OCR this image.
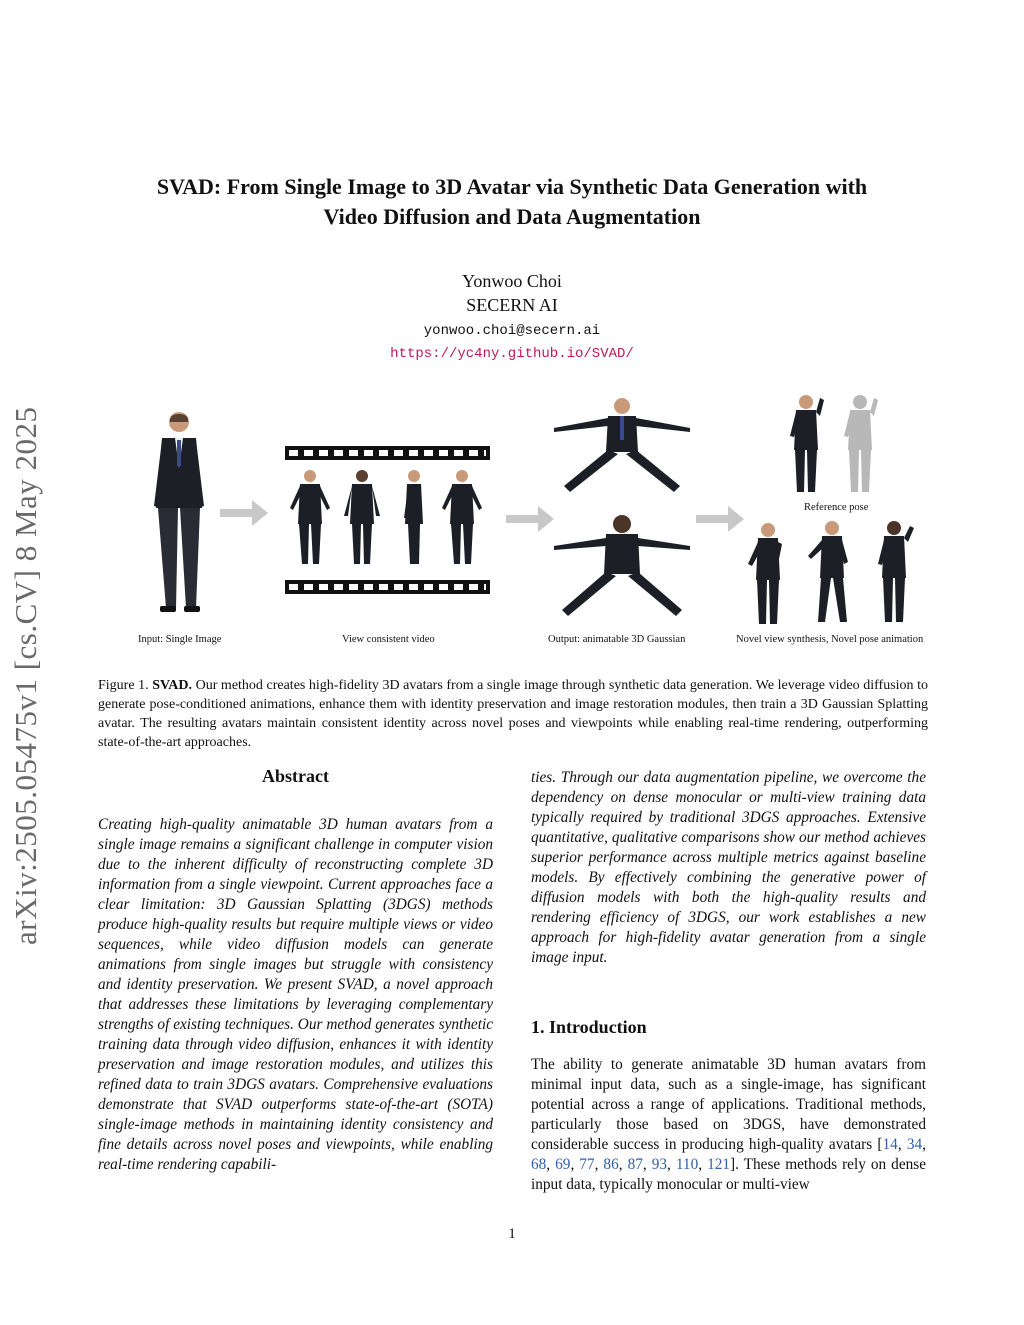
arXiv:2505.05475v1 [cs.CV] 8 May 2025
SVAD: From Single Image to 3D Avatar via Synthetic Data Generation with
Video Diffusion and Data Augmentation
Yonwoo Choi
SECERN AI
yonwoo.choi@secern.ai
https://yc4ny.github.io/SVAD/
Reference pose
Input: Single Image	View consistent video	Output: animatable 3D Gaussian	Novel view synthesis, Novel pose animation
Figure 1. SVAD. Our method creates high-fidelity 3D avatars from a single image through synthetic data generation. We leverage video diffusion to generate pose-conditioned animations, enhance them with identity preservation and image restoration modules, then train a 3D Gaussian Splatting avatar. The resulting avatars maintain consistent identity across novel poses and viewpoints while enabling real-time rendering, outperforming state-of-the-art approaches.
Abstract
Creating high-quality animatable 3D human avatars from a single image remains a significant challenge in computer vision due to the inherent difficulty of reconstructing complete 3D information from a single viewpoint. Current approaches face a clear limitation: 3D Gaussian Splatting (3DGS) methods produce high-quality results but require multiple views or video sequences, while video diffusion models can generate animations from single images but struggle with consistency and identity preservation. We present SVAD, a novel approach that addresses these limitations by leveraging complementary strengths of existing techniques. Our method generates synthetic training data through video diffusion, enhances it with identity preservation and image restoration modules, and utilizes this refined data to train 3DGS avatars. Comprehensive evaluations demonstrate that SVAD outperforms state-of-the-art (SOTA) single-image methods in maintaining identity consistency and fine details across novel poses and viewpoints, while enabling real-time rendering capabili-
ties. Through our data augmentation pipeline, we overcome the dependency on dense monocular or multi-view training data typically required by traditional 3DGS approaches. Extensive quantitative, qualitative comparisons show our method achieves superior performance across multiple metrics against baseline models. By effectively combining the generative power of diffusion models with both the high-quality results and rendering efficiency of 3DGS, our work establishes a new approach for high-fidelity avatar generation from a single image input.
1. Introduction
The ability to generate animatable 3D human avatars from minimal input data, such as a single-image, has significant potential across a range of applications. Traditional methods, particularly those based on 3DGS, have demonstrated considerable success in producing high-quality avatars [14, 34, 68, 69, 77, 86, 87, 93, 110, 121]. These methods rely on dense input data, typically monocular or multi-view
1
